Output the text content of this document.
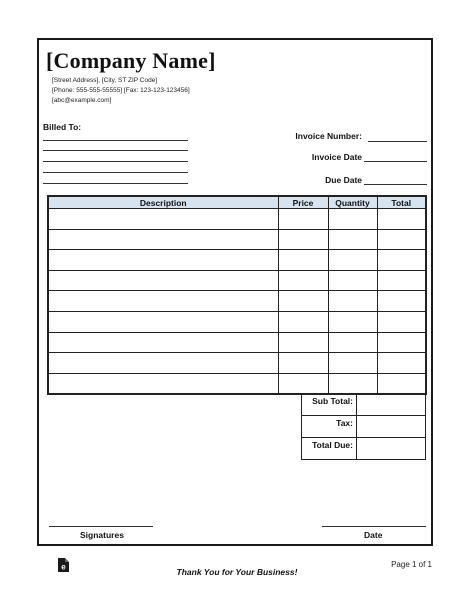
[Company Name]
[Street Address], [City, ST ZIP Code]
[Phone: 555-555-55555] [Fax: 123-123-123456]
[abc@example.com]
Billed To:
Invoice Number:
Invoice Date
Due Date
Description	Price	Quantity	Total

Sub Total:	
Tax:	
Total Due:	
Signatures	Date
e	Page 1 of 1
Thank You for Your Business!
